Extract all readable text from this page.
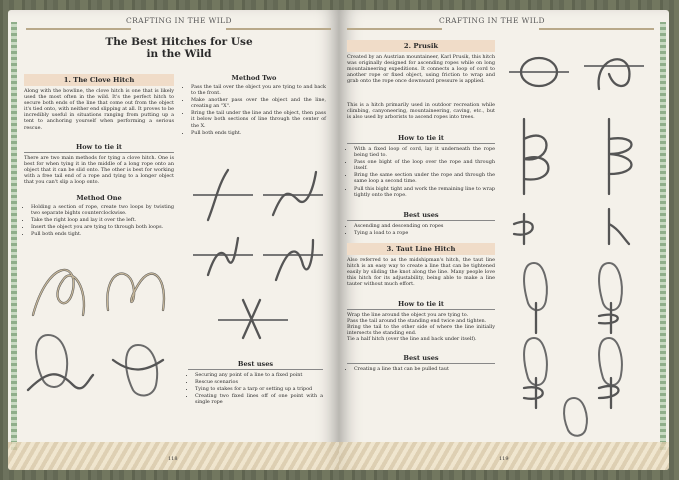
CRAFTING IN THE WILD
The Best Hitches for Use in the Wild
1. The Clove Hitch
Along with the bowline, the clove hitch is one that is likely used the most often in the wild. It's the perfect hitch to secure both ends of the line that come out from the object it's tied onto, with neither end slipping at all. It proves to be incredibly useful in situations ranging from putting up a tent to anchoring yourself when performing a serious rescue.
How to tie it
There are two main methods for tying a clove hitch. One is best for when tying it in the middle of a long rope onto an object that it can be slid onto. The other is best for working with a free tail end of a rope and tying to a longer object that you can't slip a loop onto.
Method One
• Holding a section of rope, create two loops by twisting two separate bights counterclockwise.
• Take the right loop and lay it over the left.
• Insert the object you are tying to through both loops.
• Pull both ends tight.
Method Two
• Pass the tail over the object you are tying to and back to the front.
• Make another pass over the object and the line, creating an "X".
• Bring the tail under the line and the object, then pass it below both sections of line through the center of the X.
• Pull both ends tight.
Best uses
• Securing any point of a line to a fixed point
• Rescue scenarios
• Tying to stakes for a tarp or setting up a tripod
• Creating two fixed lines off of one point with a single rope
118
CRAFTING IN THE WILD
2. Prusik
Created by an Austrian mountaineer, Karl Prusik, this hitch was originally designed for ascending ropes while on long mountaineering expeditions. It connects a loop of cord to another rope or fixed object, using friction to wrap and grab onto the rope once downward pressure is applied.
This is a hitch primarily used in outdoor recreation while climbing, canyoneering, mountaineering, caving, etc., but is also used by arborists to ascend ropes into trees.
How to tie it
• With a fixed loop of cord, lay it underneath the rope being tied to.
• Pass one bight of the loop over the rope and through itself.
• Bring the same section under the rope and through the same loop a second time.
• Pull this bight tight and work the remaining line to wrap tightly onto the rope.
Best uses
• Ascending and descending on ropes
• Tying a load to a rope
3. Taut Line Hitch
Also referred to as the midshipman's hitch, the taut line hitch is an easy way to create a line that can be tightened easily by sliding the knot along the line. Many people love this hitch for its adjustability, being able to make a line tauter without much effort.
How to tie it
Wrap the line around the object you are tying to.
Pass the tail around the standing end twice and tighten.
Bring the tail to the other side of where the line initially intersects the standing end.
Tie a half hitch (over the line and back under itself).
Best uses
• Creating a line that can be pulled taut
119
